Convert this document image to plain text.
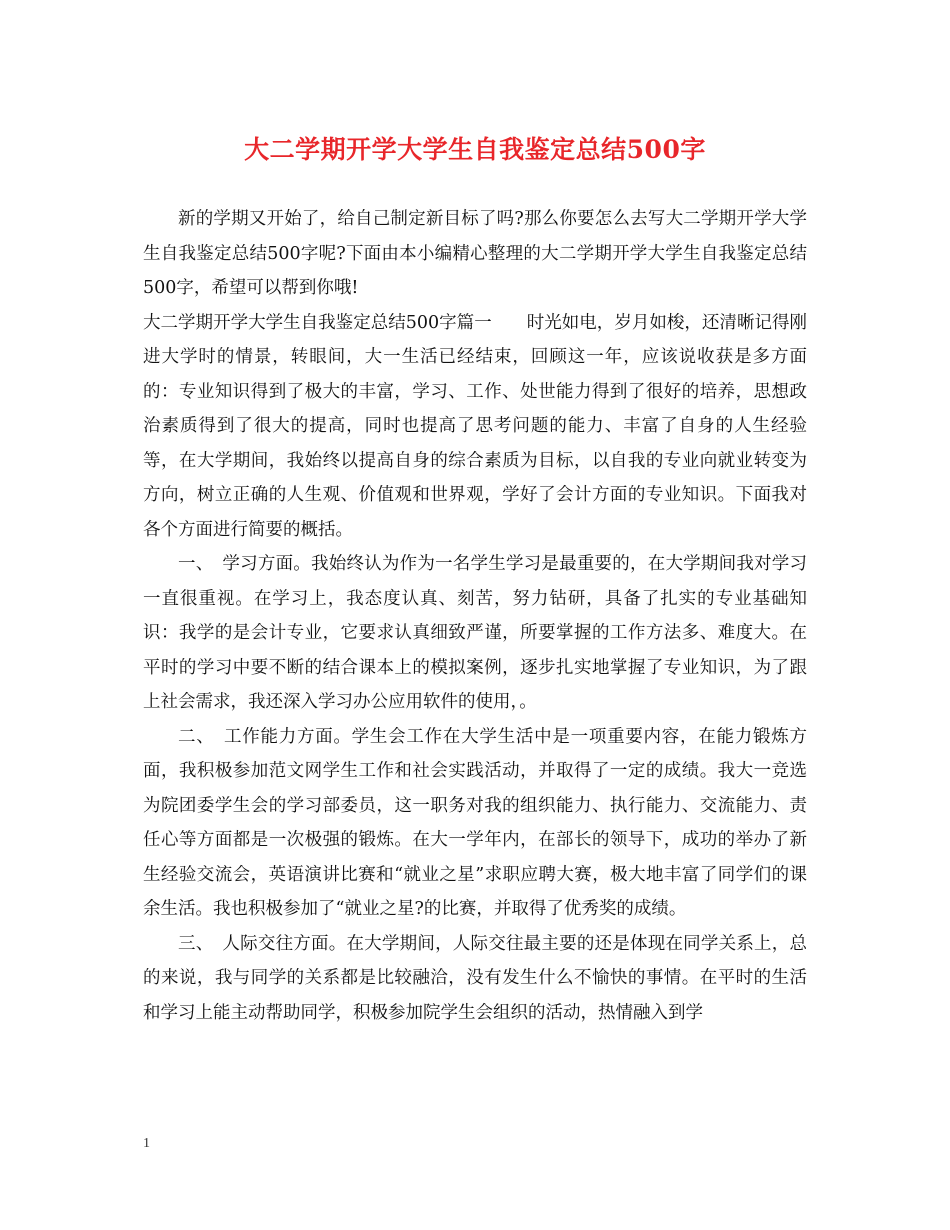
大二学期开学大学生自我鉴定总结500字

新的学期又开始了，给自己制定新目标了吗?那么你要怎么去写大二学期开学大学生自我鉴定总结500字呢?下面由本小编精心整理的大二学期开学大学生自我鉴定总结500字，希望可以帮到你哦!

大二学期开学大学生自我鉴定总结500字篇一　　时光如电，岁月如梭，还清晰记得刚进大学时的情景，转眼间，大一生活已经结束，回顾这一年，应该说收获是多方面的：专业知识得到了极大的丰富，学习、工作、处世能力得到了很好的培养，思想政治素质得到了很大的提高，同时也提高了思考问题的能力、丰富了自身的人生经验等，在大学期间，我始终以提高自身的综合素质为目标，以自我的专业向就业转变为方向，树立正确的人生观、价值观和世界观，学好了会计方面的专业知识。下面我对各个方面进行简要的概括。

一、　学习方面。我始终认为作为一名学生学习是最重要的，在大学期间我对学习一直很重视。在学习上，我态度认真、刻苦，努力钻研，具备了扎实的专业基础知识：我学的是会计专业，它要求认真细致严谨，所要掌握的工作方法多、难度大。在平时的学习中要不断的结合课本上的模拟案例，逐步扎实地掌握了专业知识，为了跟上社会需求，我还深入学习办公应用软件的使用，。

二、　工作能力方面。学生会工作在大学生活中是一项重要内容，在能力锻炼方面，我积极参加范文网学生工作和社会实践活动，并取得了一定的成绩。我大一竞选为院团委学生会的学习部委员，这一职务对我的组织能力、执行能力、交流能力、责任心等方面都是一次极强的锻炼。在大一学年内，在部长的领导下，成功的举办了新生经验交流会，英语演讲比赛和“就业之星”求职应聘大赛，极大地丰富了同学们的课余生活。我也积极参加了“就业之星?的比赛，并取得了优秀奖的成绩。

三、　人际交往方面。在大学期间，人际交往最主要的还是体现在同学关系上，总的来说，我与同学的关系都是比较融洽，没有发生什么不愉快的事情。在平时的生活和学习上能主动帮助同学，积极参加院学生会组织的活动，热情融入到学

1
